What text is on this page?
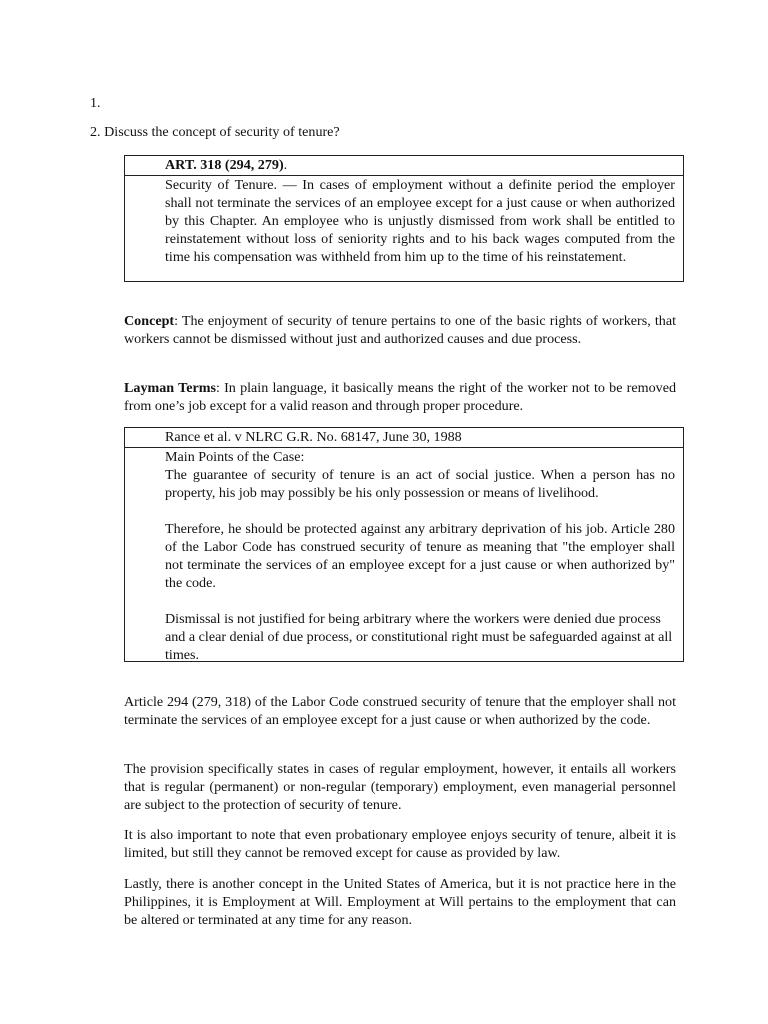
1.
2. Discuss the concept of security of tenure?
ART. 318 (294, 279).
Security of Tenure. — In cases of employment without a definite period the employer shall not terminate the services of an employee except for a just cause or when authorized by this Chapter. An employee who is unjustly dismissed from work shall be entitled to reinstatement without loss of seniority rights and to his back wages computed from the time his compensation was withheld from him up to the time of his reinstatement.
Concept: The enjoyment of security of tenure pertains to one of the basic rights of workers, that workers cannot be dismissed without just and authorized causes and due process.
Layman Terms: In plain language, it basically means the right of the worker not to be removed from one’s job except for a valid reason and through proper procedure.
Rance et al. v NLRC G.R. No. 68147, June 30, 1988
Main Points of the Case:
The guarantee of security of tenure is an act of social justice. When a person has no property, his job may possibly be his only possession or means of livelihood.
Therefore, he should be protected against any arbitrary deprivation of his job. Article 280 of the Labor Code has construed security of tenure as meaning that "the employer shall not terminate the services of an employee except for a just cause or when authorized by" the code.
Dismissal is not justified for being arbitrary where the workers were denied due process and a clear denial of due process, or constitutional right must be safeguarded against at all times.
Article 294 (279, 318) of the Labor Code construed security of tenure that the employer shall not terminate the services of an employee except for a just cause or when authorized by the code.
The provision specifically states in cases of regular employment, however, it entails all workers that is regular (permanent) or non-regular (temporary) employment, even managerial personnel are subject to the protection of security of tenure.
It is also important to note that even probationary employee enjoys security of tenure, albeit it is limited, but still they cannot be removed except for cause as provided by law.
Lastly, there is another concept in the United States of America, but it is not practice here in the Philippines, it is Employment at Will. Employment at Will pertains to the employment that can be altered or terminated at any time for any reason.
